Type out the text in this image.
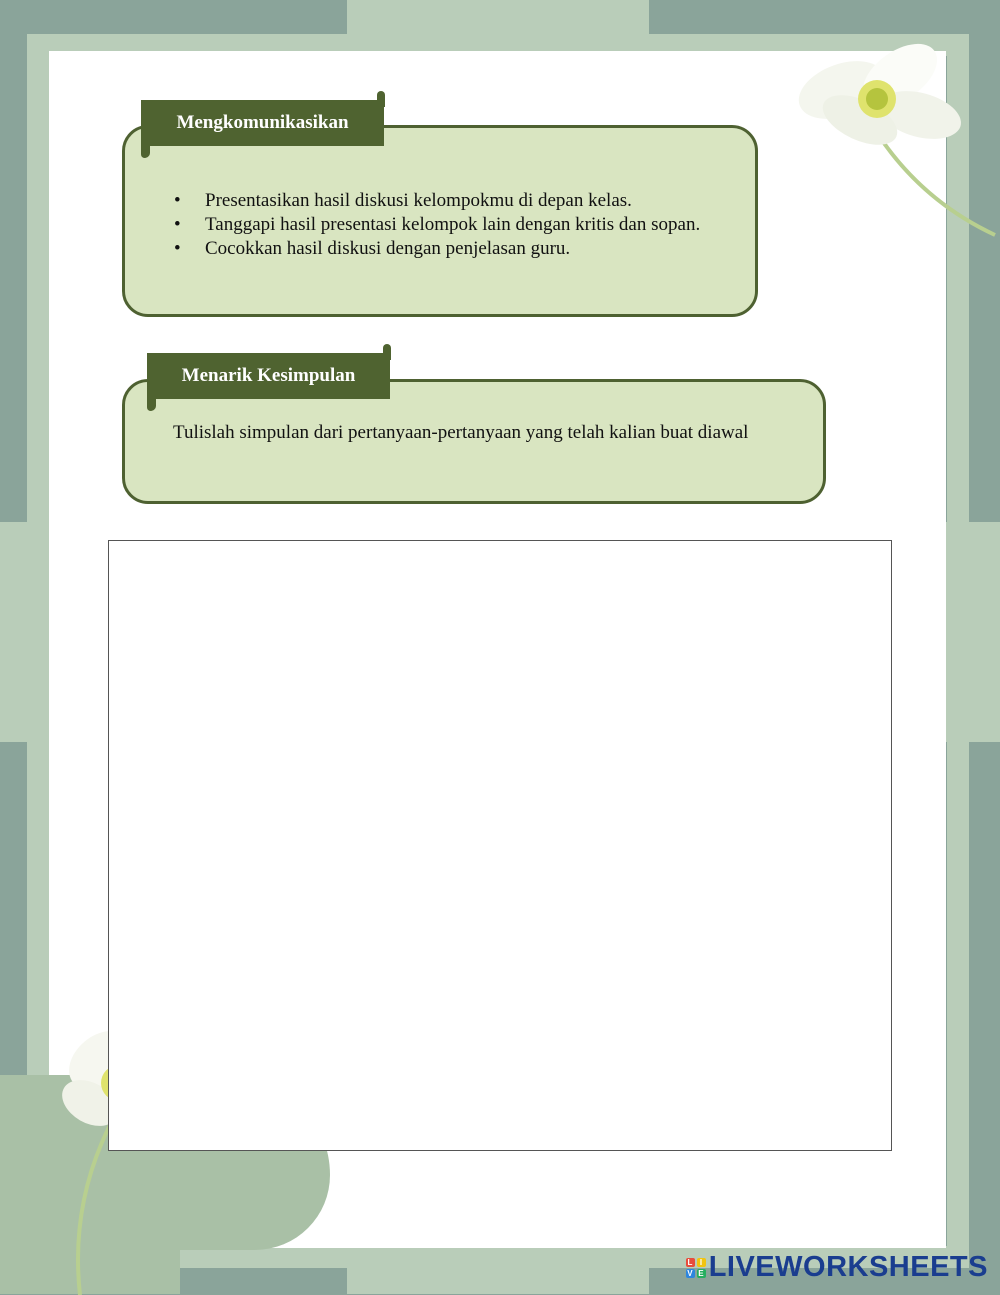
Mengkomunikasikan
• Presentasikan hasil diskusi kelompokmu di depan kelas.
• Tanggapi hasil presentasi kelompok lain dengan kritis dan sopan.
• Cocokkan hasil diskusi dengan penjelasan guru.
Menarik Kesimpulan

Tulislah simpulan dari pertanyaan-pertanyaan yang telah kalian buat diawal

L I
V E LIVEWORKSHEETS
